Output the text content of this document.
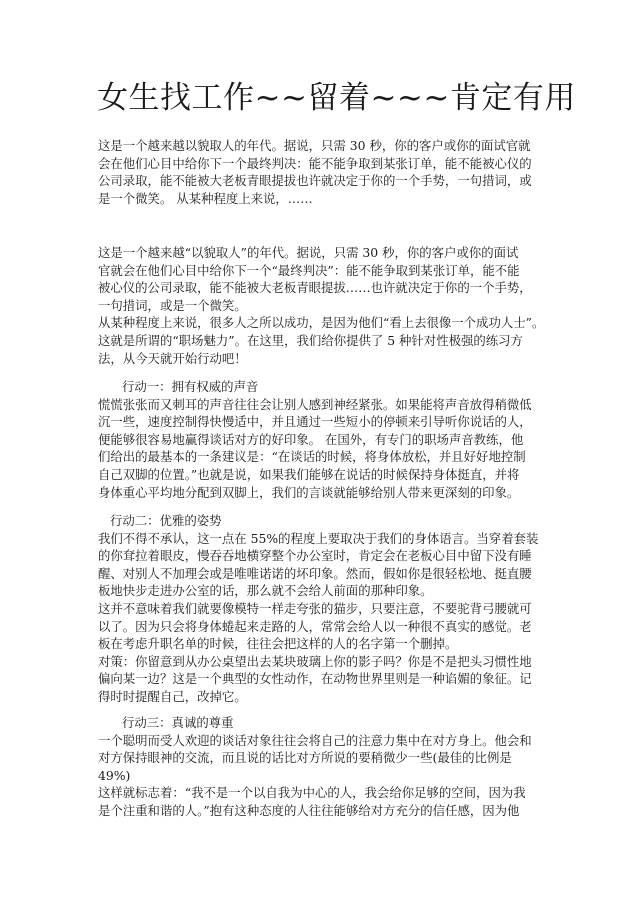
女生找工作~~留着~~~肯定有用
这是一个越来越以貌取人的年代。据说，只需 30 秒，你的客户或你的面试官就
会在他们心目中给你下一个最终判决：能不能争取到某张订单，能不能被心仪的
公司录取，能不能被大老板青眼提拔也许就决定于你的一个手势，一句措词，或
是一个微笑。 从某种程度上来说，……
这是一个越来越“以貌取人”的年代。据说，只需 30 秒，你的客户或你的面试
官就会在他们心目中给你下一个“最终判决”：能不能争取到某张订单，能不能
被心仪的公司录取，能不能被大老板青眼提拔……也许就决定于你的一个手势，
一句措词，或是一个微笑。
从某种程度上来说，很多人之所以成功，是因为他们“看上去很像一个成功人士”。
这就是所谓的“职场魅力”。在这里，我们给你提供了 5 种针对性极强的练习方
法，从今天就开始行动吧！
行动一：拥有权威的声音
慌慌张张而又刺耳的声音往往会让别人感到神经紧张。如果能将声音放得稍微低
沉一些，速度控制得快慢适中，并且通过一些短小的停顿来引导听你说话的人，
便能够很容易地赢得谈话对方的好印象。 在国外，有专门的职场声音教练，他
们给出的最基本的一条建议是：“在谈话的时候，将身体放松，并且好好地控制
自己双脚的位置。”也就是说，如果我们能够在说话的时候保持身体挺直，并将
身体重心平均地分配到双脚上，我们的言谈就能够给别人带来更深刻的印象。
行动二：优雅的姿势
我们不得不承认，这一点在 55%的程度上要取决于我们的身体语言。当穿着套装
的你耷拉着眼皮，慢吞吞地横穿整个办公室时，肯定会在老板心目中留下没有睡
醒、对别人不加理会或是唯唯诺诺的坏印象。然而，假如你是很轻松地、挺直腰
板地快步走进办公室的话，那么就不会给人前面的那种印象。
这并不意味着我们就要像模特一样走夸张的猫步，只要注意，不要驼背弓腰就可
以了。因为只会将身体蜷起来走路的人，常常会给人以一种很不真实的感觉。老
板在考虑升职名单的时候，往往会把这样的人的名字第一个删掉。
对策：你留意到从办公桌望出去某块玻璃上你的影子吗？你是不是把头习惯性地
偏向某一边？这是一个典型的女性动作，在动物世界里则是一种谄媚的象征。记
得时时提醒自己，改掉它。
行动三：真诚的尊重
一个聪明而受人欢迎的谈话对象往往会将自己的注意力集中在对方身上。他会和
对方保持眼神的交流，而且说的话比对方所说的要稍微少一些(最佳的比例是
49%)
这样就标志着：“我不是一个以自我为中心的人，我会给你足够的空间，因为我
是个注重和谐的人。”抱有这种态度的人往往能够给对方充分的信任感，因为他
